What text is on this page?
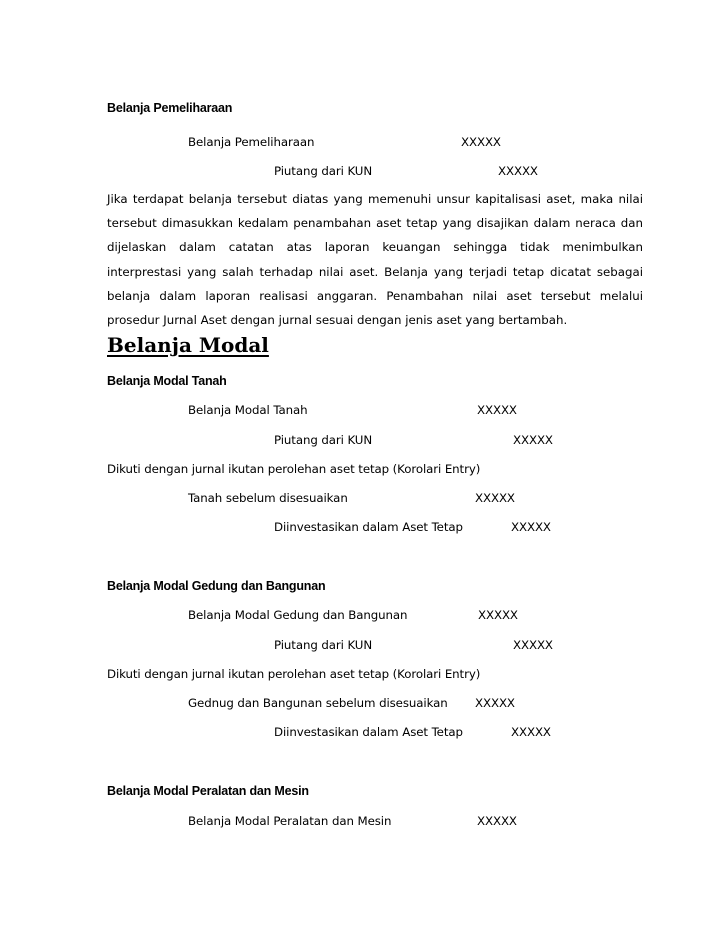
Belanja Pemeliharaan
Belanja Pemeliharaan	XXXXX
Piutang dari KUN	XXXXX
Jika terdapat belanja tersebut diatas yang memenuhi unsur kapitalisasi aset, maka nilai tersebut dimasukkan kedalam penambahan aset tetap yang disajikan dalam neraca dan dijelaskan dalam catatan atas laporan keuangan sehingga tidak menimbulkan interprestasi yang salah terhadap nilai aset. Belanja yang terjadi tetap dicatat sebagai belanja dalam laporan realisasi anggaran. Penambahan nilai aset tersebut melalui prosedur Jurnal Aset dengan jurnal sesuai dengan jenis aset yang bertambah.
Belanja Modal
Belanja Modal Tanah
Belanja Modal Tanah	XXXXX
Piutang dari KUN	XXXXX
Dikuti dengan jurnal ikutan perolehan aset tetap (Korolari Entry)
Tanah sebelum disesuaikan	XXXXX
Diinvestasikan dalam Aset Tetap	XXXXX
Belanja Modal Gedung dan Bangunan
Belanja Modal Gedung dan Bangunan	XXXXX
Piutang dari KUN	XXXXX
Dikuti dengan jurnal ikutan perolehan aset tetap (Korolari Entry)
Gednug dan Bangunan sebelum disesuaikan XXXXX
Diinvestasikan dalam Aset Tetap	XXXXX
Belanja Modal Peralatan dan Mesin
Belanja Modal Peralatan dan Mesin	XXXXX
